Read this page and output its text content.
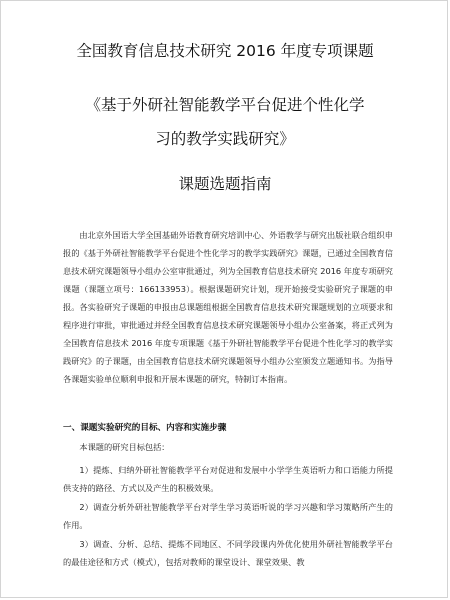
全国教育信息技术研究 2016 年度专项课题
《基于外研社智能教学平台促进个性化学
习的教学实践研究》
课题选题指南
由北京外国语大学全国基础外语教育研究培训中心、外语教学与研究出版社联合组织申报的《基于外研社智能教学平台促进个性化学习的教学实践研究》课题，已通过全国教育信息技术研究课题领导小组办公室审批通过，列为全国教育信息技术研究 2016 年度专项研究课题（课题立项号：166133953）。根据课题研究计划，现开始接受实验研究子课题的申报。各实验研究子课题的申报由总课题组根据全国教育信息技术研究课题规划的立项要求和程序进行审批，审批通过并经全国教育信息技术研究课题领导小组办公室备案，将正式列为全国教育信息技术 2016 年度专项课题《基于外研社智能教学平台促进个性化学习的教学实践研究》的子课题，由全国教育信息技术研究课题领导小组办公室颁发立题通知书。为指导各课题实验单位顺利申报和开展本课题的研究，特制订本指南。
一、课题实验研究的目标、内容和实施步骤
本课题的研究目标包括：
1）提炼、归纳外研社智能教学平台对促进和发展中小学学生英语听力和口语能力所提供支持的路径、方式以及产生的积极效果。
2）调查分析外研社智能教学平台对学生学习英语听说的学习兴趣和学习策略所产生的作用。
3）调查、分析、总结、提炼不同地区、不同学段课内外优化使用外研社智能教学平台的最佳途径和方式（模式），包括对教师的课堂设计、课堂效果、教
